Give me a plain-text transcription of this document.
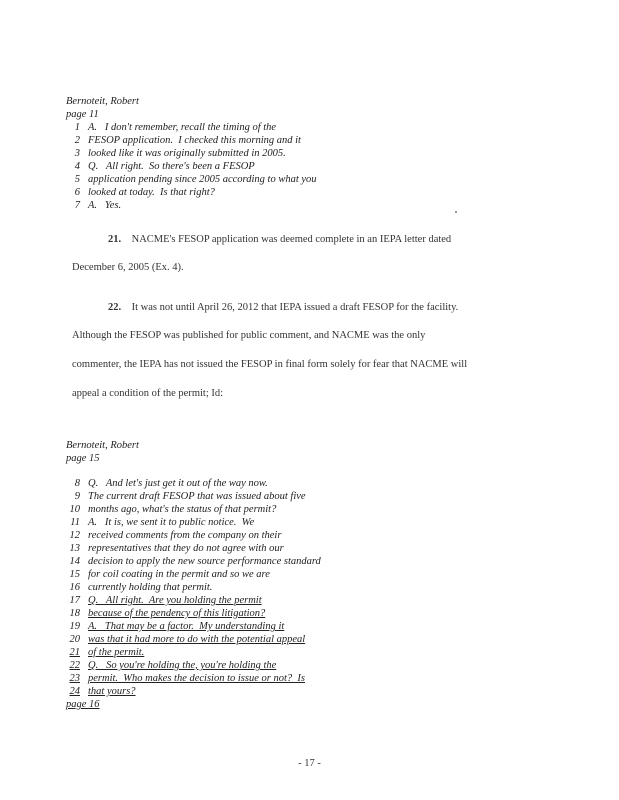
Bernoteit, Robert
page 11
1 A.   I don't remember, recall the timing of the
2 FESOP application.  I checked this morning and it
3 looked like it was originally submitted in 2005.
4 Q.   All right.  So there's been a FESOP
5 application pending since 2005 according to what you
6 looked at today.  Is that right?
7 A.   Yes.
21. NACME's FESOP application was deemed complete in an IEPA letter dated
December 6, 2005 (Ex. 4).
22. It was not until April 26, 2012 that IEPA issued a draft FESOP for the facility.
Although the FESOP was published for public comment, and NACME was the only
commenter, the IEPA has not issued the FESOP in final form solely for fear that NACME will
appeal a condition of the permit; Id:
Bernoteit, Robert
page 15
8 Q.   And let's just get it out of the way now.
9 The current draft FESOP that was issued about five
10 months ago, what's the status of that permit?
11 A.   It is, we sent it to public notice.  We
12 received comments from the company on their
13 representatives that they do not agree with our
14 decision to apply the new source performance standard
15 for coil coating in the permit and so we are
16 currently holding that permit.
17 Q.   All right.  Are you holding the permit
18 because of the pendency of this litigation?
19 A.   That may be a factor.  My understanding it
20 was that it had more to do with the potential appeal
21 of the permit.
22 Q.   So you're holding the, you're holding the
23 permit.  Who makes the decision to issue or not?  Is
24 that yours?
page 16
- 17 -
